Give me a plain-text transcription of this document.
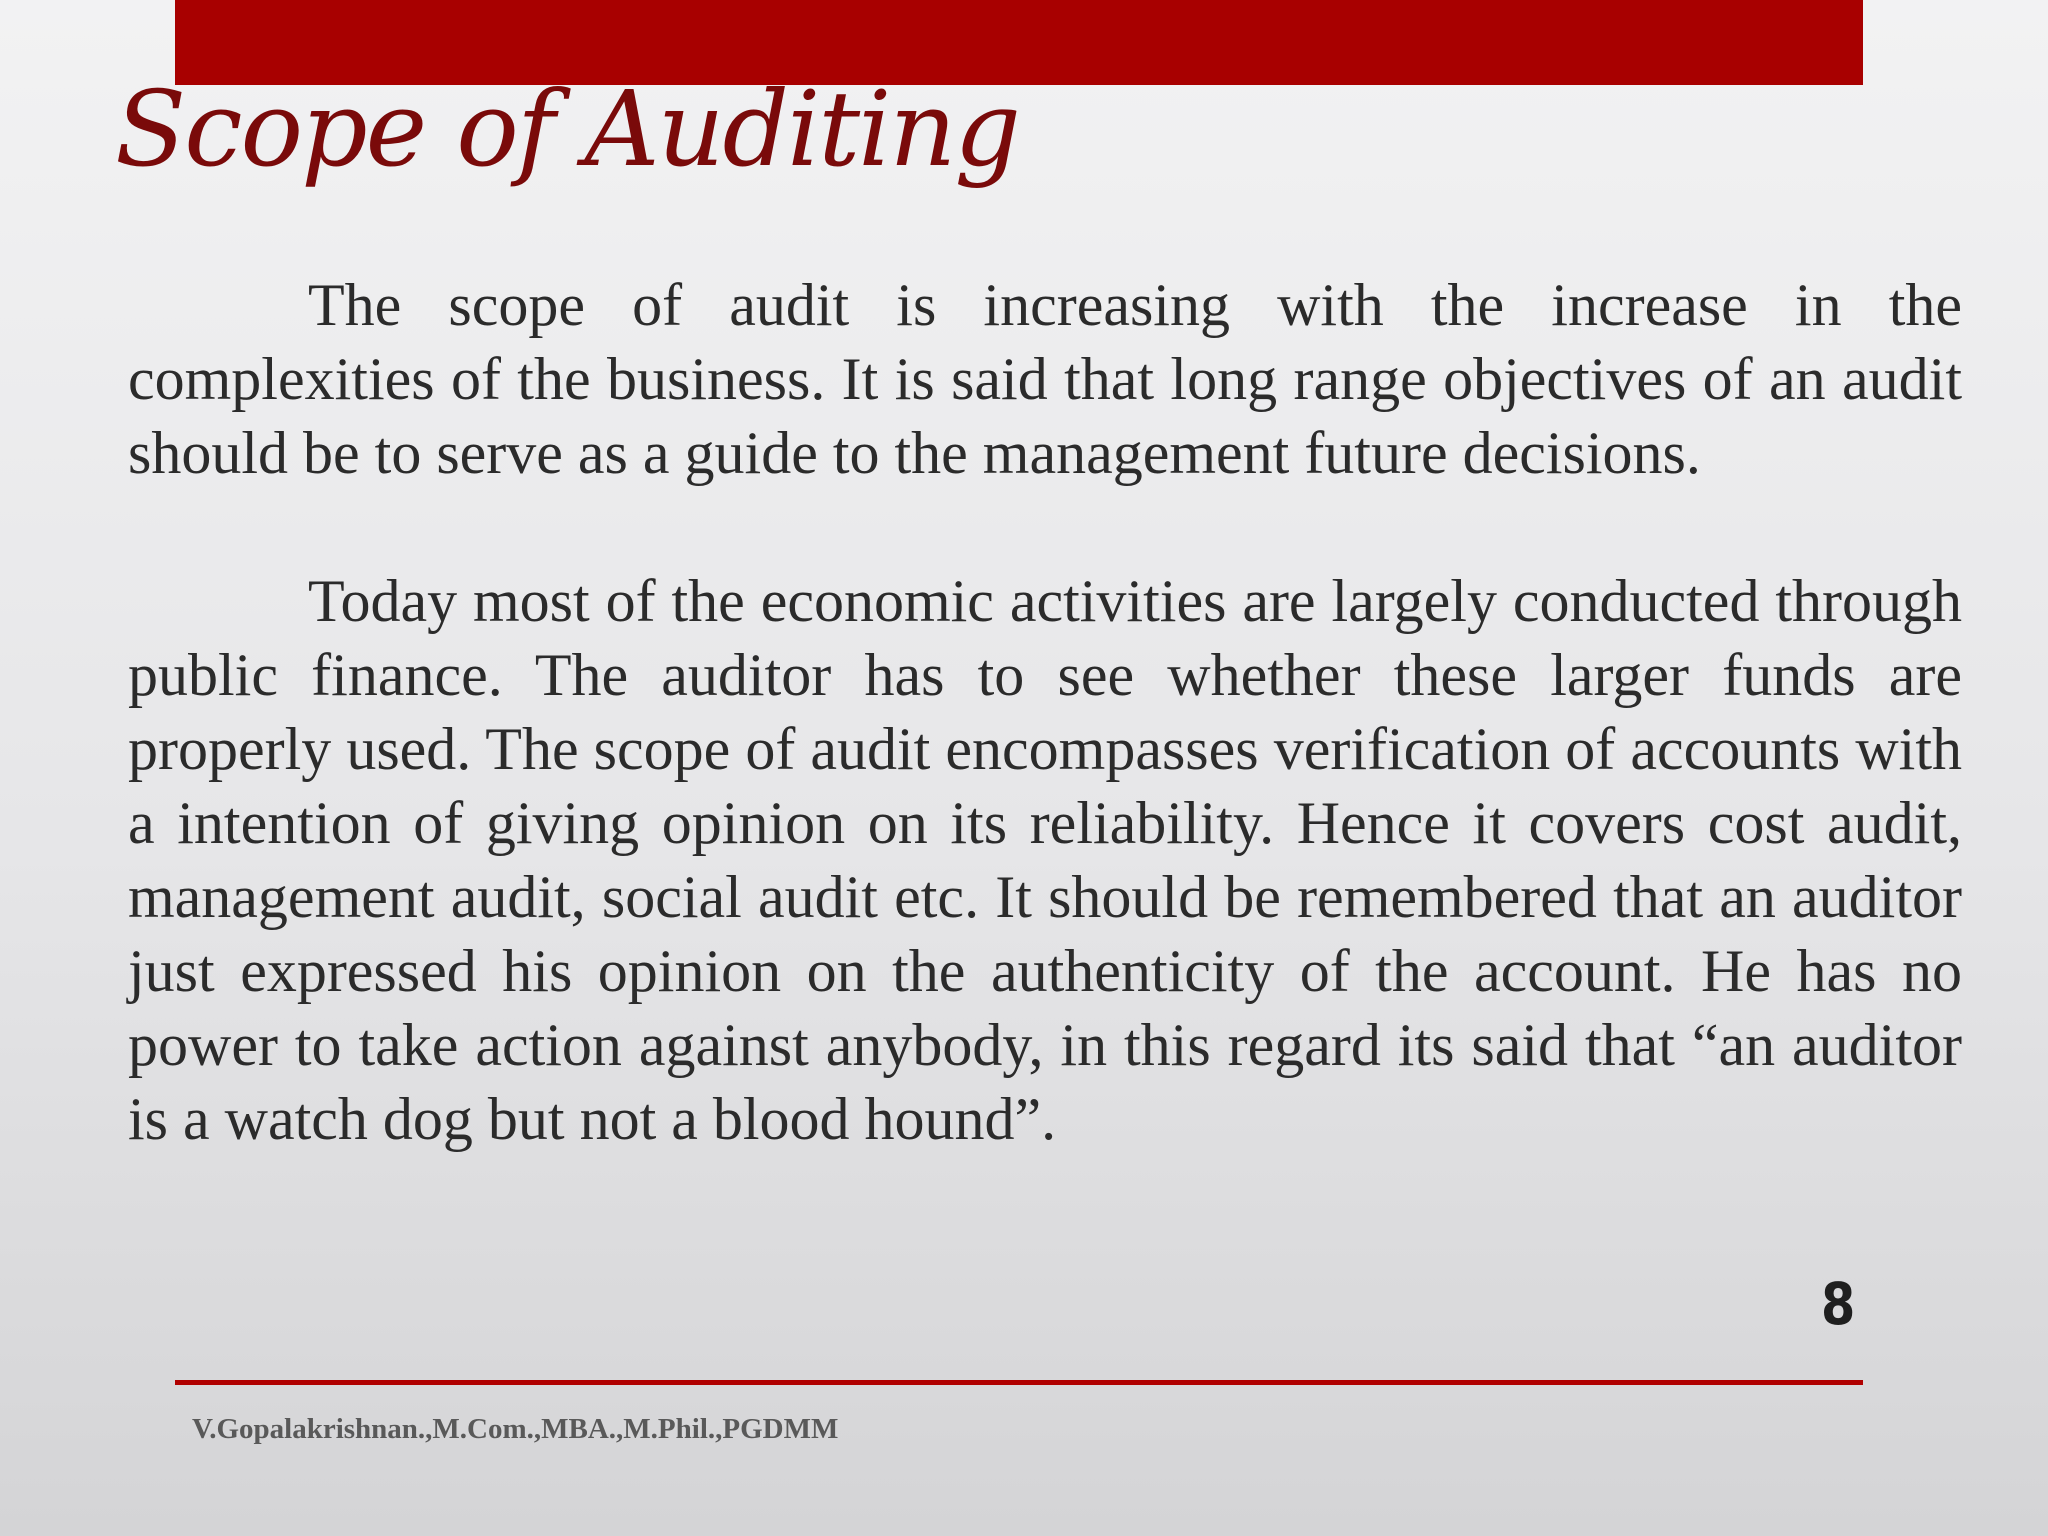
Scope of Auditing

The scope of audit is increasing with the increase in the complexities of the business. It is said that long range objectives of an audit should be to serve as a guide to the management future decisions.

Today most of the economic activities are largely conducted through public finance. The auditor has to see whether these larger funds are properly used. The scope of audit encompasses verification of accounts with a intention of giving opinion on its reliability. Hence it covers cost audit, management audit, social audit etc. It should be remembered that an auditor just expressed his opinion on the authenticity of the account. He has no power to take action against anybody, in this regard its said that “an auditor is a watch dog but not a blood hound”.

8
V.Gopalakrishnan.,M.Com.,MBA.,M.Phil.,PGDMM
